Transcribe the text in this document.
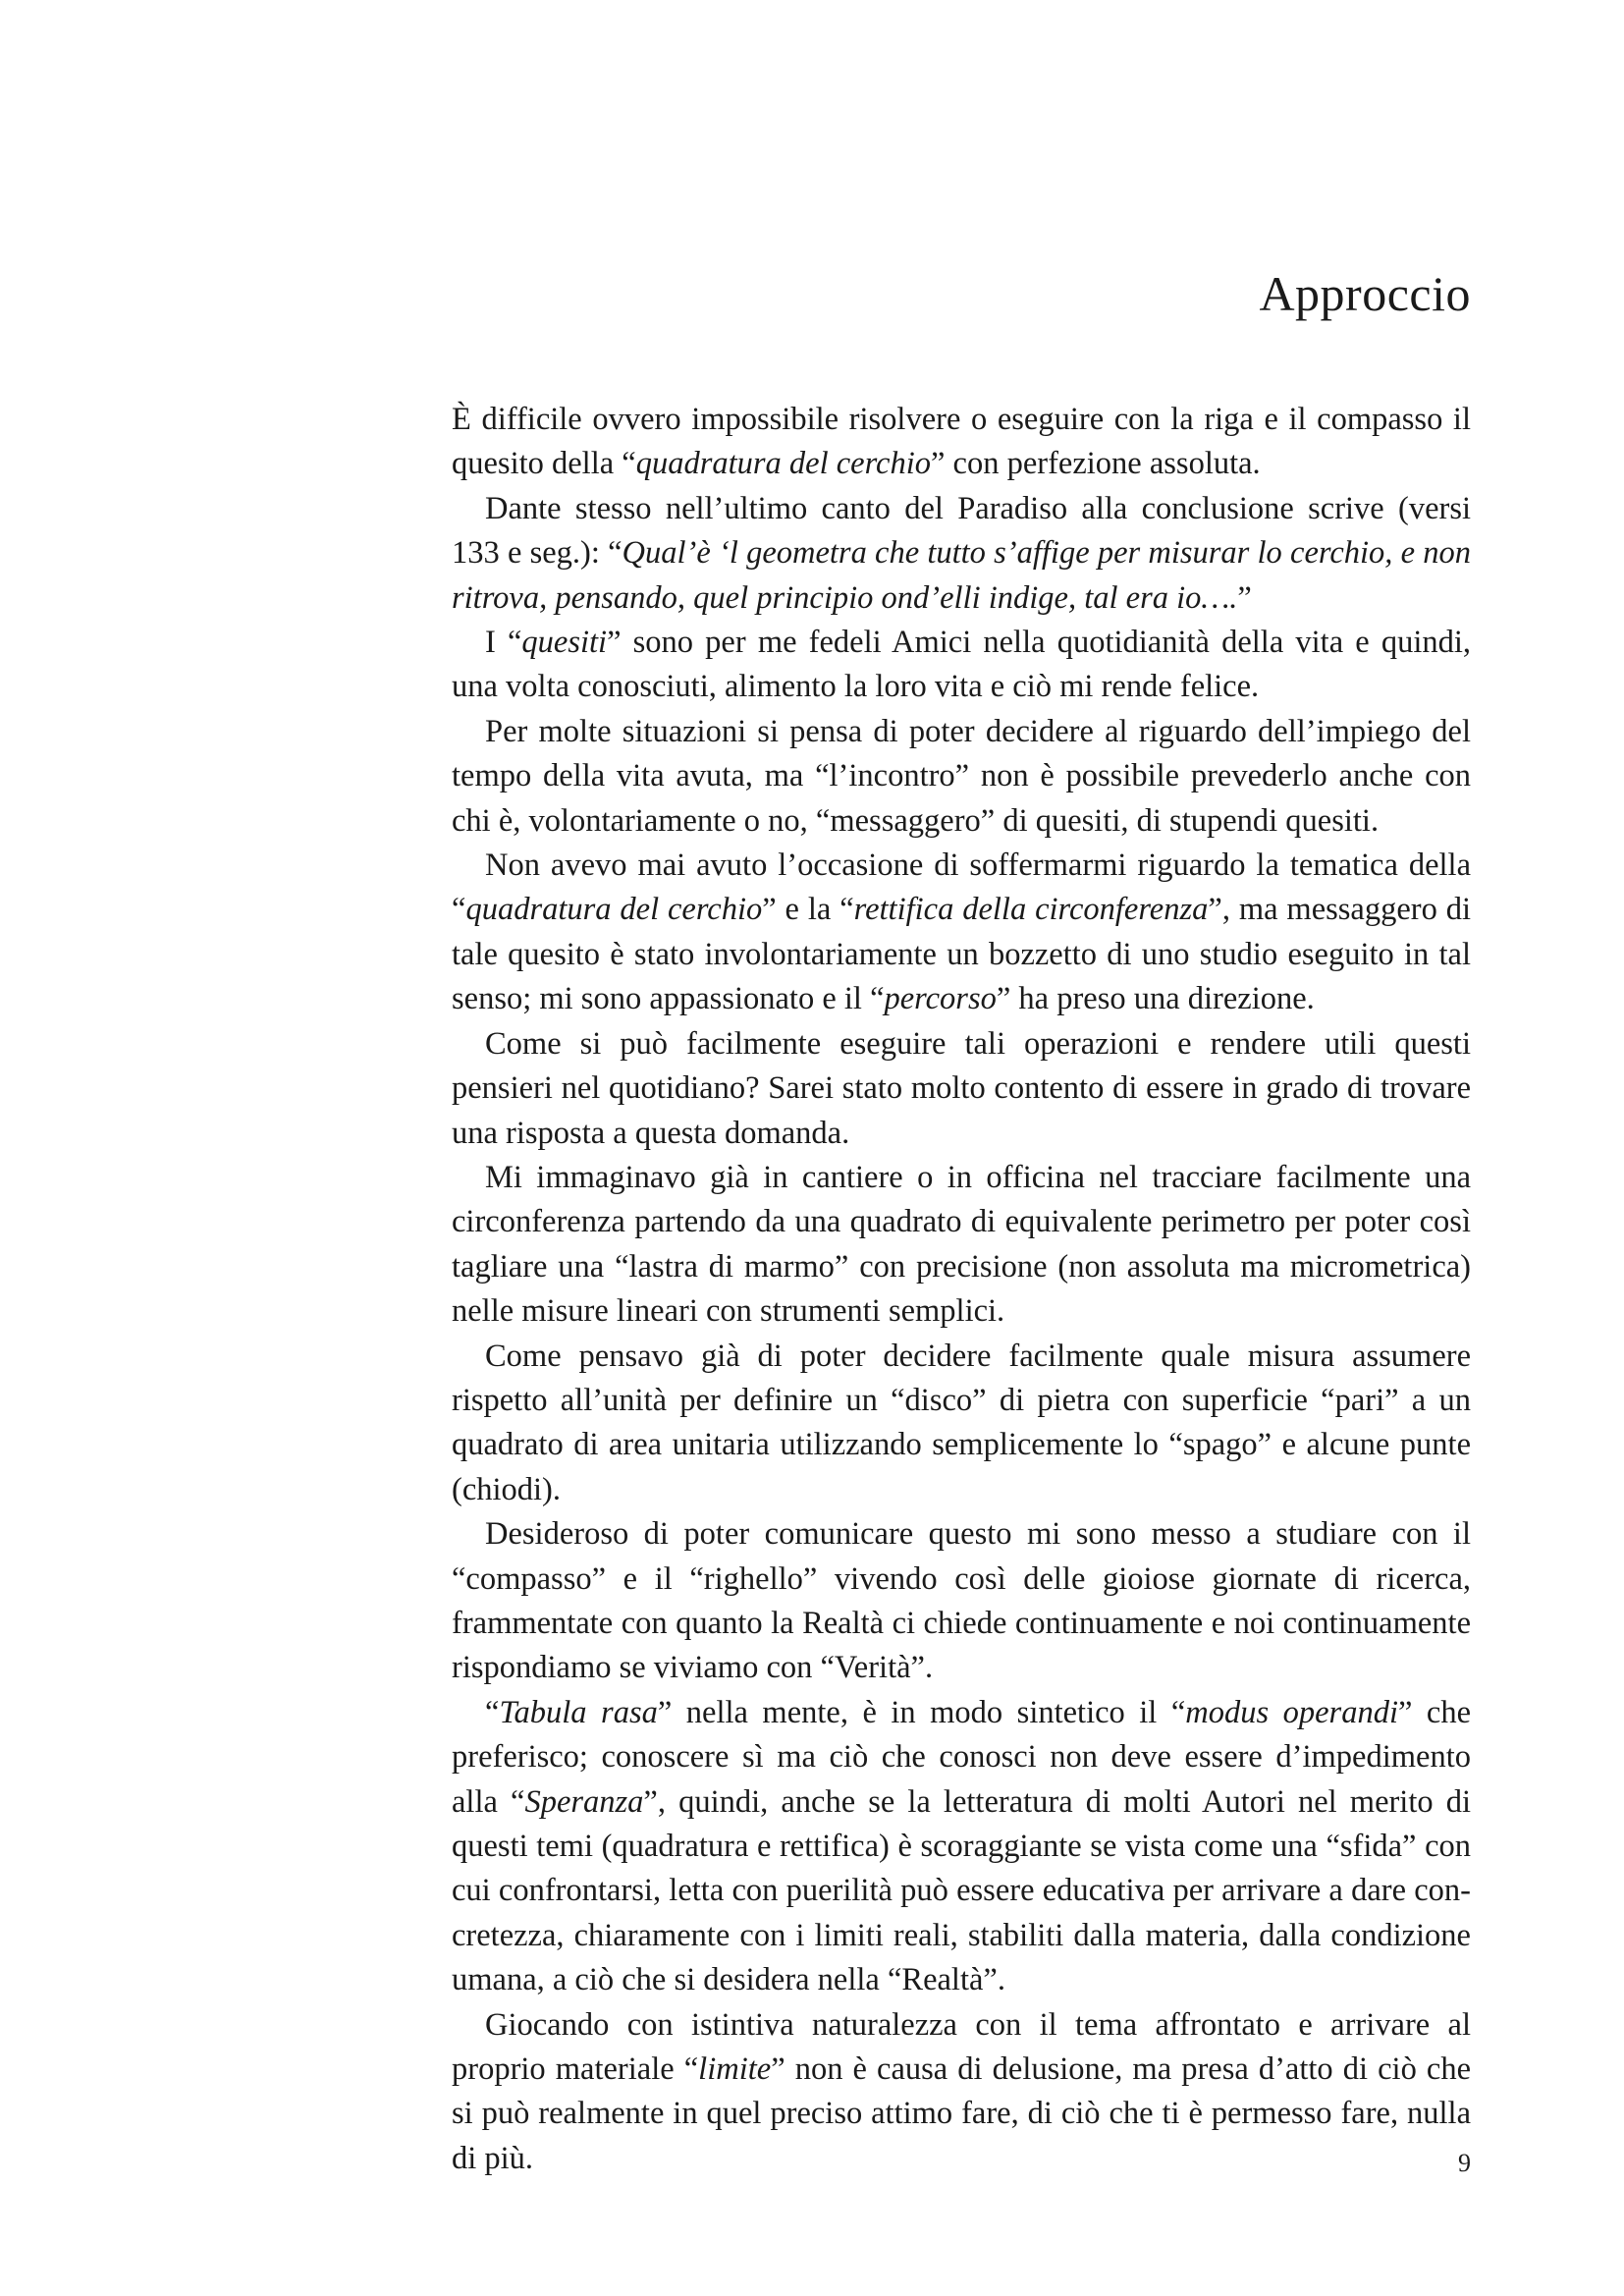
Approccio

È difficile ovvero impossibile risolvere o eseguire con la riga e il compasso il quesito della “quadratura del cerchio” con perfezione assoluta.

Dante stesso nell’ultimo canto del Paradiso alla conclusione scrive (versi 133 e seg.): “Qual’è ‘l geometra che tutto s’affige per misurar lo cerchio, e non ritrova, pensando, quel principio ond’elli indige, tal era io….”

I “quesiti” sono per me fedeli Amici nella quotidianità della vita e quindi, una volta conosciuti, alimento la loro vita e ciò mi rende felice.

Per molte situazioni si pensa di poter decidere al riguardo dell’impiego del tempo della vita avuta, ma “l’incontro” non è possibile prevederlo anche con chi è, volontariamente o no, “messaggero” di quesiti, di stupendi quesiti.

Non avevo mai avuto l’occasione di soffermarmi riguardo la tematica della “quadratura del cerchio” e la “rettifica della circonferenza”, ma messaggero di tale quesito è stato involontariamente un bozzetto di uno studio eseguito in tal senso; mi sono appassionato e il “percorso” ha preso una direzione.

Come si può facilmente eseguire tali operazioni e rendere utili questi pensieri nel quotidiano? Sarei stato molto contento di essere in grado di trovare una risposta a questa domanda.

Mi immaginavo già in cantiere o in officina nel tracciare facilmente una circonferenza partendo da una quadrato di equivalente perimetro per poter così tagliare una “lastra di marmo” con precisione (non assoluta ma micrometrica) nelle misure lineari con strumenti semplici.

Come pensavo già di poter decidere facilmente quale misura assumere rispetto all’unità per definire un “disco” di pietra con superficie “pari” a un quadrato di area unitaria utilizzando semplicemente lo “spago” e alcune punte (chiodi).

Desideroso di poter comunicare questo mi sono messo a studiare con il “compasso” e il “righello” vivendo così delle gioiose giornate di ricerca, frammentate con quanto la Realtà ci chiede continuamente e noi continuamente rispondiamo se viviamo con “Verità”.

“Tabula rasa” nella mente, è in modo sintetico il “modus operandi” che preferisco; conoscere sì ma ciò che conosci non deve essere d’impedimento alla “Speranza”, quindi, anche se la letteratura di molti Autori nel merito di questi temi (quadratura e rettifica) è scoraggiante se vista come una “sfida” con cui confrontarsi, letta con puerilità può essere educativa per arrivare a dare concretezza, chiaramente con i limiti reali, stabiliti dalla materia, dalla condizione umana, a ciò che si desidera nella “Realtà”.

Giocando con istintiva naturalezza con il tema affrontato e arrivare al proprio materiale “limite” non è causa di delusione, ma presa d’atto di ciò che si può realmente in quel preciso attimo fare, di ciò che ti è permesso fare, nulla di più.	9
